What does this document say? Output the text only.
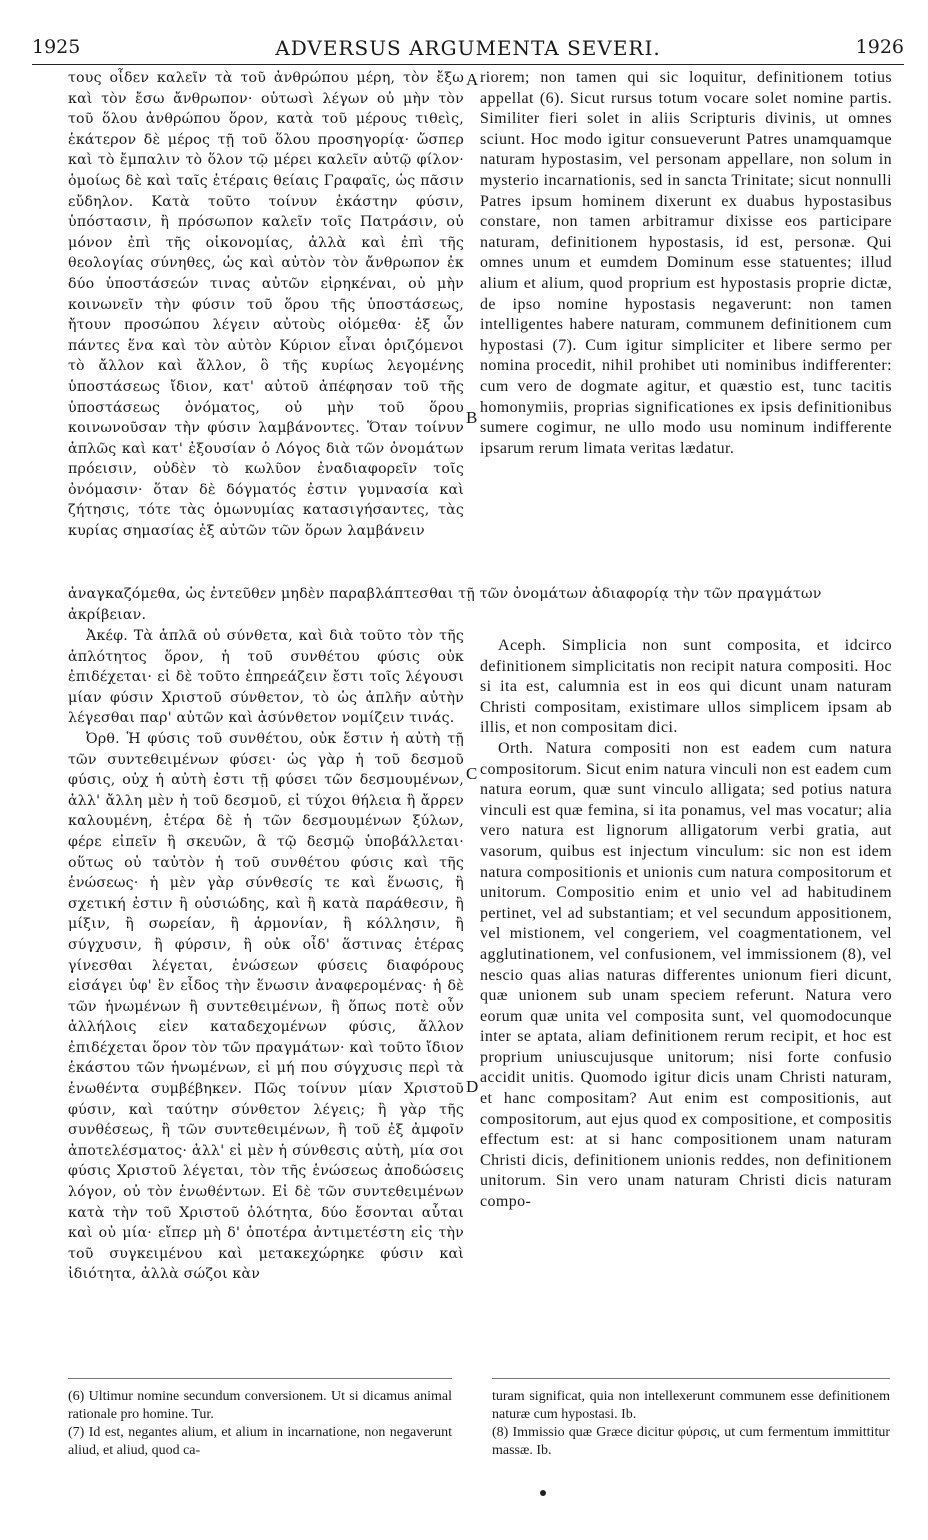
1925	ADVERSUS ARGUMENTA SEVERI.	1926

τους οἶδεν καλεῖν τὰ τοῦ ἀνθρώπου μέρη, τὸν ἔξω καὶ τὸν ἔσω ἄνθρωπον· οὑτωσὶ λέγων οὐ μὴν τὸν τοῦ ὅλου ἀνθρώπου ὅρον, κατὰ τοῦ μέρους τιθεὶς, ἑκάτερον δὲ μέρος τῇ τοῦ ὅλου προσηγορίᾳ· ὥσπερ καὶ τὸ ἔμπαλιν τὸ ὅλον τῷ μέρει καλεῖν αὐτῷ φίλον· ὁμοίως δὲ καὶ ταῖς ἑτέραις θείαις Γραφαῖς, ὡς πᾶσιν εὔδηλον. Κατὰ τοῦτο τοίνυν ἑκάστην φύσιν, ὑπόστασιν, ἢ πρόσωπον καλεῖν τοῖς Πατράσιν, οὐ μόνον ἐπὶ τῆς οἰκονομίας, ἀλλὰ καὶ ἐπὶ τῆς θεολογίας σύνηθες, ὡς καὶ αὐτὸν τὸν ἄνθρωπον ἐκ δύο ὑποστάσεών τινας αὐτῶν εἰρηκέναι, οὐ μὴν κοινωνεῖν τὴν φύσιν τοῦ ὅρου τῆς ὑποστάσεως, ἤτουν προσώπου λέγειν αὐτοὺς οἰόμεθα· ἐξ ὧν πάντες ἕνα καὶ τὸν αὐτὸν Κύριον εἶναι ὁριζόμενοι τὸ ἄλλον καὶ ἄλλον, ὃ τῆς κυρίως λεγομένης ὑποστάσεως ἴδιον, κατ' αὐτοῦ ἀπέφησαν τοῦ τῆς ὑποστάσεως ὀνόματος, οὐ μὴν τοῦ ὅρου κοινωνοῦσαν τὴν φύσιν λαμβάνοντες. Ὅταν τοίνυν ἁπλῶς καὶ κατ' ἐξουσίαν ὁ Λόγος διὰ τῶν ὀνομάτων πρόεισιν, οὐδὲν τὸ κωλῦον ἐναδιαφορεῖν τοῖς ὀνόμασιν· ὅταν δὲ δόγματός ἐστιν γυμνασία καὶ ζήτησις, τότε τὰς ὁμωνυμίας κατασιγήσαντες, τὰς κυρίας σημασίας ἐξ αὐτῶν τῶν ὅρων λαμβάνειν

riorem; non tamen qui sic loquitur, definitionem totius appellat (6). Sicut rursus totum vocare solet nomine partis. Similiter fieri solet in aliis Scripturis divinis, ut omnes sciunt. Hoc modo igitur consueverunt Patres unamquamque naturam hypostasim, vel personam appellare, non solum in mysterio incarnationis, sed in sancta Trinitate; sicut nonnulli Patres ipsum hominem dixerunt ex duabus hypostasibus constare, non tamen arbitramur dixisse eos participare naturam, definitionem hypostasis, id est, personæ. Qui omnes unum et eumdem Dominum esse statuentes; illud alium et alium, quod proprium est hypostasis proprie dictæ, de ipso nomine hypostasis negaverunt: non tamen intelligentes habere naturam, communem definitionem cum hypostasi (7). Cum igitur simpliciter et libere sermo per nomina procedit, nihil prohibet uti nominibus indifferenter: cum vero de dogmate agitur, et quæstio est, tunc tacitis homonymiis, proprias significationes ex ipsis definitionibus sumere cogimur, ne ullo modo usu nominum indifferente ipsarum rerum limata veritas lædatur.

ἀναγκαζόμεθα, ὡς ἐντεῦθεν μηδὲν παραβλάπτεσθαι τῇ τῶν ὀνομάτων ἀδιαφορίᾳ τὴν τῶν πραγμάτων ἀκρίβειαν.

Ἀκέφ. Τὰ ἁπλᾶ οὐ σύνθετα, καὶ διὰ τοῦτο τὸν τῆς ἁπλότητος ὅρον, ἡ τοῦ συνθέτου φύσις οὐκ ἐπιδέχεται· εἰ δὲ τοῦτο ἐπηρεάζειν ἔστι τοῖς λέγουσι μίαν φύσιν Χριστοῦ σύνθετον, τὸ ὡς ἁπλῆν αὐτὴν λέγεσθαι παρ' αὐτῶν καὶ ἀσύνθετον νομίζειν τινάς.

Ὀρθ. Ἡ φύσις τοῦ συνθέτου, οὐκ ἔστιν ἡ αὐτὴ τῇ τῶν συντεθειμένων φύσει· ὡς γὰρ ἡ τοῦ δεσμοῦ φύσις, οὐχ ἡ αὐτὴ ἐστι τῇ φύσει τῶν δεσμουμένων, ἀλλ' ἄλλη μὲν ἡ τοῦ δεσμοῦ, εἰ τύχοι θήλεια ἢ ἄρρεν καλουμένη, ἑτέρα δὲ ἡ τῶν δεσμουμένων ξύλων, φέρε εἰπεῖν ἢ σκευῶν, ἃ τῷ δεσμῷ ὑποβάλλεται· οὕτως οὐ ταὐτὸν ἡ τοῦ συνθέτου φύσις καὶ τῆς ἑνώσεως· ἡ μὲν γὰρ σύνθεσίς τε καὶ ἕνωσις, ἢ σχετική ἐστιν ἢ οὐσιώδης, καὶ ἢ κατὰ παράθεσιν, ἢ μίξιν, ἢ σωρείαν, ἢ ἁρμονίαν, ἢ κόλλησιν, ἢ σύγχυσιν, ἢ φύρσιν, ἢ οὐκ οἶδ' ἅστινας ἑτέρας γίνεσθαι λέγεται, ἑνώσεων φύσεις διαφόρους εἰσάγει ὑφ' ἓν εἶδος τὴν ἕνωσιν ἀναφερομένας· ἡ δὲ τῶν ἡνωμένων ἢ συντεθειμένων, ἢ ὅπως ποτὲ οὖν ἀλλήλοις εἰεν καταδεχομένων φύσις, ἄλλον ἐπιδέχεται ὅρον τὸν τῶν πραγμάτων· καὶ τοῦτο ἴδιον ἑκάστου τῶν ἡνωμένων, εἰ μή που σύγχυσις περὶ τὰ ἑνωθέντα συμβέβηκεν. Πῶς τοίνυν μίαν Χριστοῦ φύσιν, καὶ ταύτην σύνθετον λέγεις; ἢ γὰρ τῆς συνθέσεως, ἢ τῶν συντεθειμένων, ἢ τοῦ ἐξ ἀμφοῖν ἀποτελέσματος· ἀλλ' εἰ μὲν ἡ σύνθεσις αὐτὴ, μία σοι φύσις Χριστοῦ λέγεται, τὸν τῆς ἑνώσεως ἀποδώσεις λόγον, οὐ τὸν ἑνωθέντων. Εἰ δὲ τῶν συντεθειμένων κατὰ τὴν τοῦ Χριστοῦ ὁλότητα, δύο ἔσονται αὗται καὶ οὐ μία· εἴπερ μὴ δ' ὁποτέρα ἀντιμετέστη εἰς τὴν τοῦ συγκειμένου καὶ μετακεχώρηκε φύσιν καὶ ἰδιότητα, ἀλλὰ σώζοι κὰν

Aceph. Simplicia non sunt composita, et idcirco definitionem simplicitatis non recipit natura compositi. Hoc si ita est, calumnia est in eos qui dicunt unam naturam Christi compositam, existimare ullos simplicem ipsam ab illis, et non compositam dici.

Orth. Natura compositi non est eadem cum natura compositorum. Sicut enim natura vinculi non est eadem cum natura eorum, quæ sunt vinculo alligata; sed potius natura vinculi est quæ femina, si ita ponamus, vel mas vocatur; alia vero natura est lignorum alligatorum verbi gratia, aut vasorum, quibus est injectum vinculum: sic non est idem natura compositionis et unionis cum natura compositorum et unitorum. Compositio enim et unio vel ad habitudinem pertinet, vel ad substantiam; et vel secundum appositionem, vel mistionem, vel congeriem, vel coagmentationem, vel agglutinationem, vel confusionem, vel immissionem (8), vel nescio quas alias naturas differentes unionum fieri dicunt, quæ unionem sub unam speciem referunt. Natura vero eorum quæ unita vel composita sunt, vel quomodocunque inter se aptata, aliam definitionem rerum recipit, et hoc est proprium uniuscujusque unitorum; nisi forte confusio accidit unitis. Quomodo igitur dicis unam Christi naturam, et hanc compositam? Aut enim est compositionis, aut compositorum, aut ejus quod ex compositione, et compositis effectum est: at si hanc compositionem unam naturam Christi dicis, definitionem unionis reddes, non definitionem unitorum. Sin vero unam naturam Christi dicis naturam compo-

A
B
C
D

(6) Ultimur nomine secundum conversionem. Ut si dicamus animal rationale pro homine. Tur.

(7) Id est, negantes alium, et alium in incarnatione, non negaverunt aliud, et aliud, quod ca-

turam significat, quia non intellexerunt communem esse definitionem naturæ cum hypostasi. Ib.

(8) Immissio quæ Græce dicitur φύρσις, ut cum fermentum immittitur massæ. Ib.
